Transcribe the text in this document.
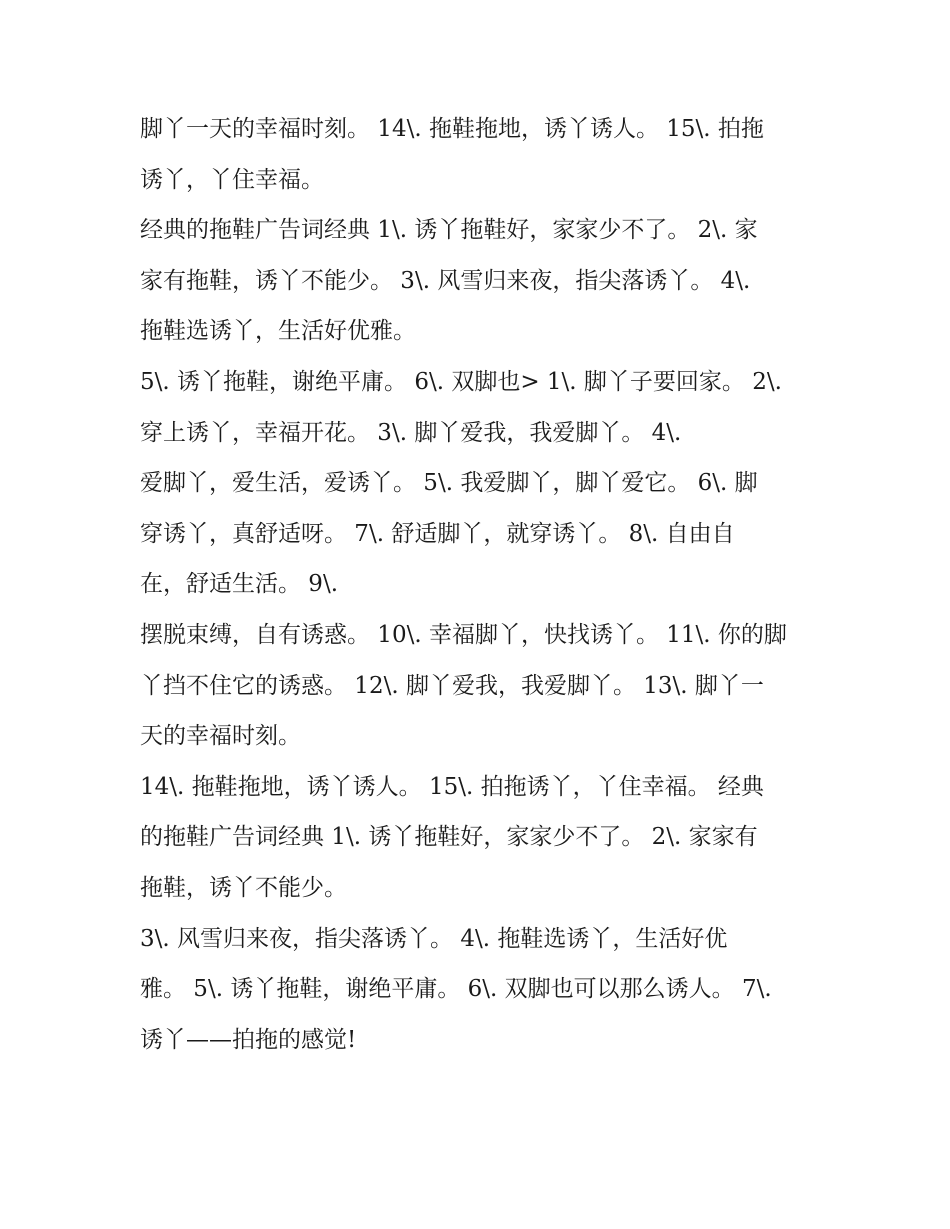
脚丫一天的幸福时刻。 14\. 拖鞋拖地，诱丫诱人。 15\. 拍拖
诱丫，丫住幸福。
经典的拖鞋广告词经典 1\. 诱丫拖鞋好，家家少不了。 2\. 家
家有拖鞋，诱丫不能少。 3\. 风雪归来夜，指尖落诱丫。 4\.
拖鞋选诱丫，生活好优雅。
5\. 诱丫拖鞋，谢绝平庸。 6\. 双脚也> 1\. 脚丫子要回家。 2\.
穿上诱丫，幸福开花。 3\. 脚丫爱我，我爱脚丫。 4\.
爱脚丫，爱生活，爱诱丫。 5\. 我爱脚丫，脚丫爱它。 6\. 脚
穿诱丫，真舒适呀。 7\. 舒适脚丫，就穿诱丫。 8\. 自由自
在，舒适生活。 9\.
摆脱束缚，自有诱惑。 10\. 幸福脚丫，快找诱丫。 11\. 你的脚
丫挡不住它的诱惑。 12\. 脚丫爱我，我爱脚丫。 13\. 脚丫一
天的幸福时刻。
14\. 拖鞋拖地，诱丫诱人。 15\. 拍拖诱丫，丫住幸福。 经典
的拖鞋广告词经典 1\. 诱丫拖鞋好，家家少不了。 2\. 家家有
拖鞋，诱丫不能少。
3\. 风雪归来夜，指尖落诱丫。 4\. 拖鞋选诱丫，生活好优
雅。 5\. 诱丫拖鞋，谢绝平庸。 6\. 双脚也可以那么诱人。 7\.
诱丫——拍拖的感觉!
